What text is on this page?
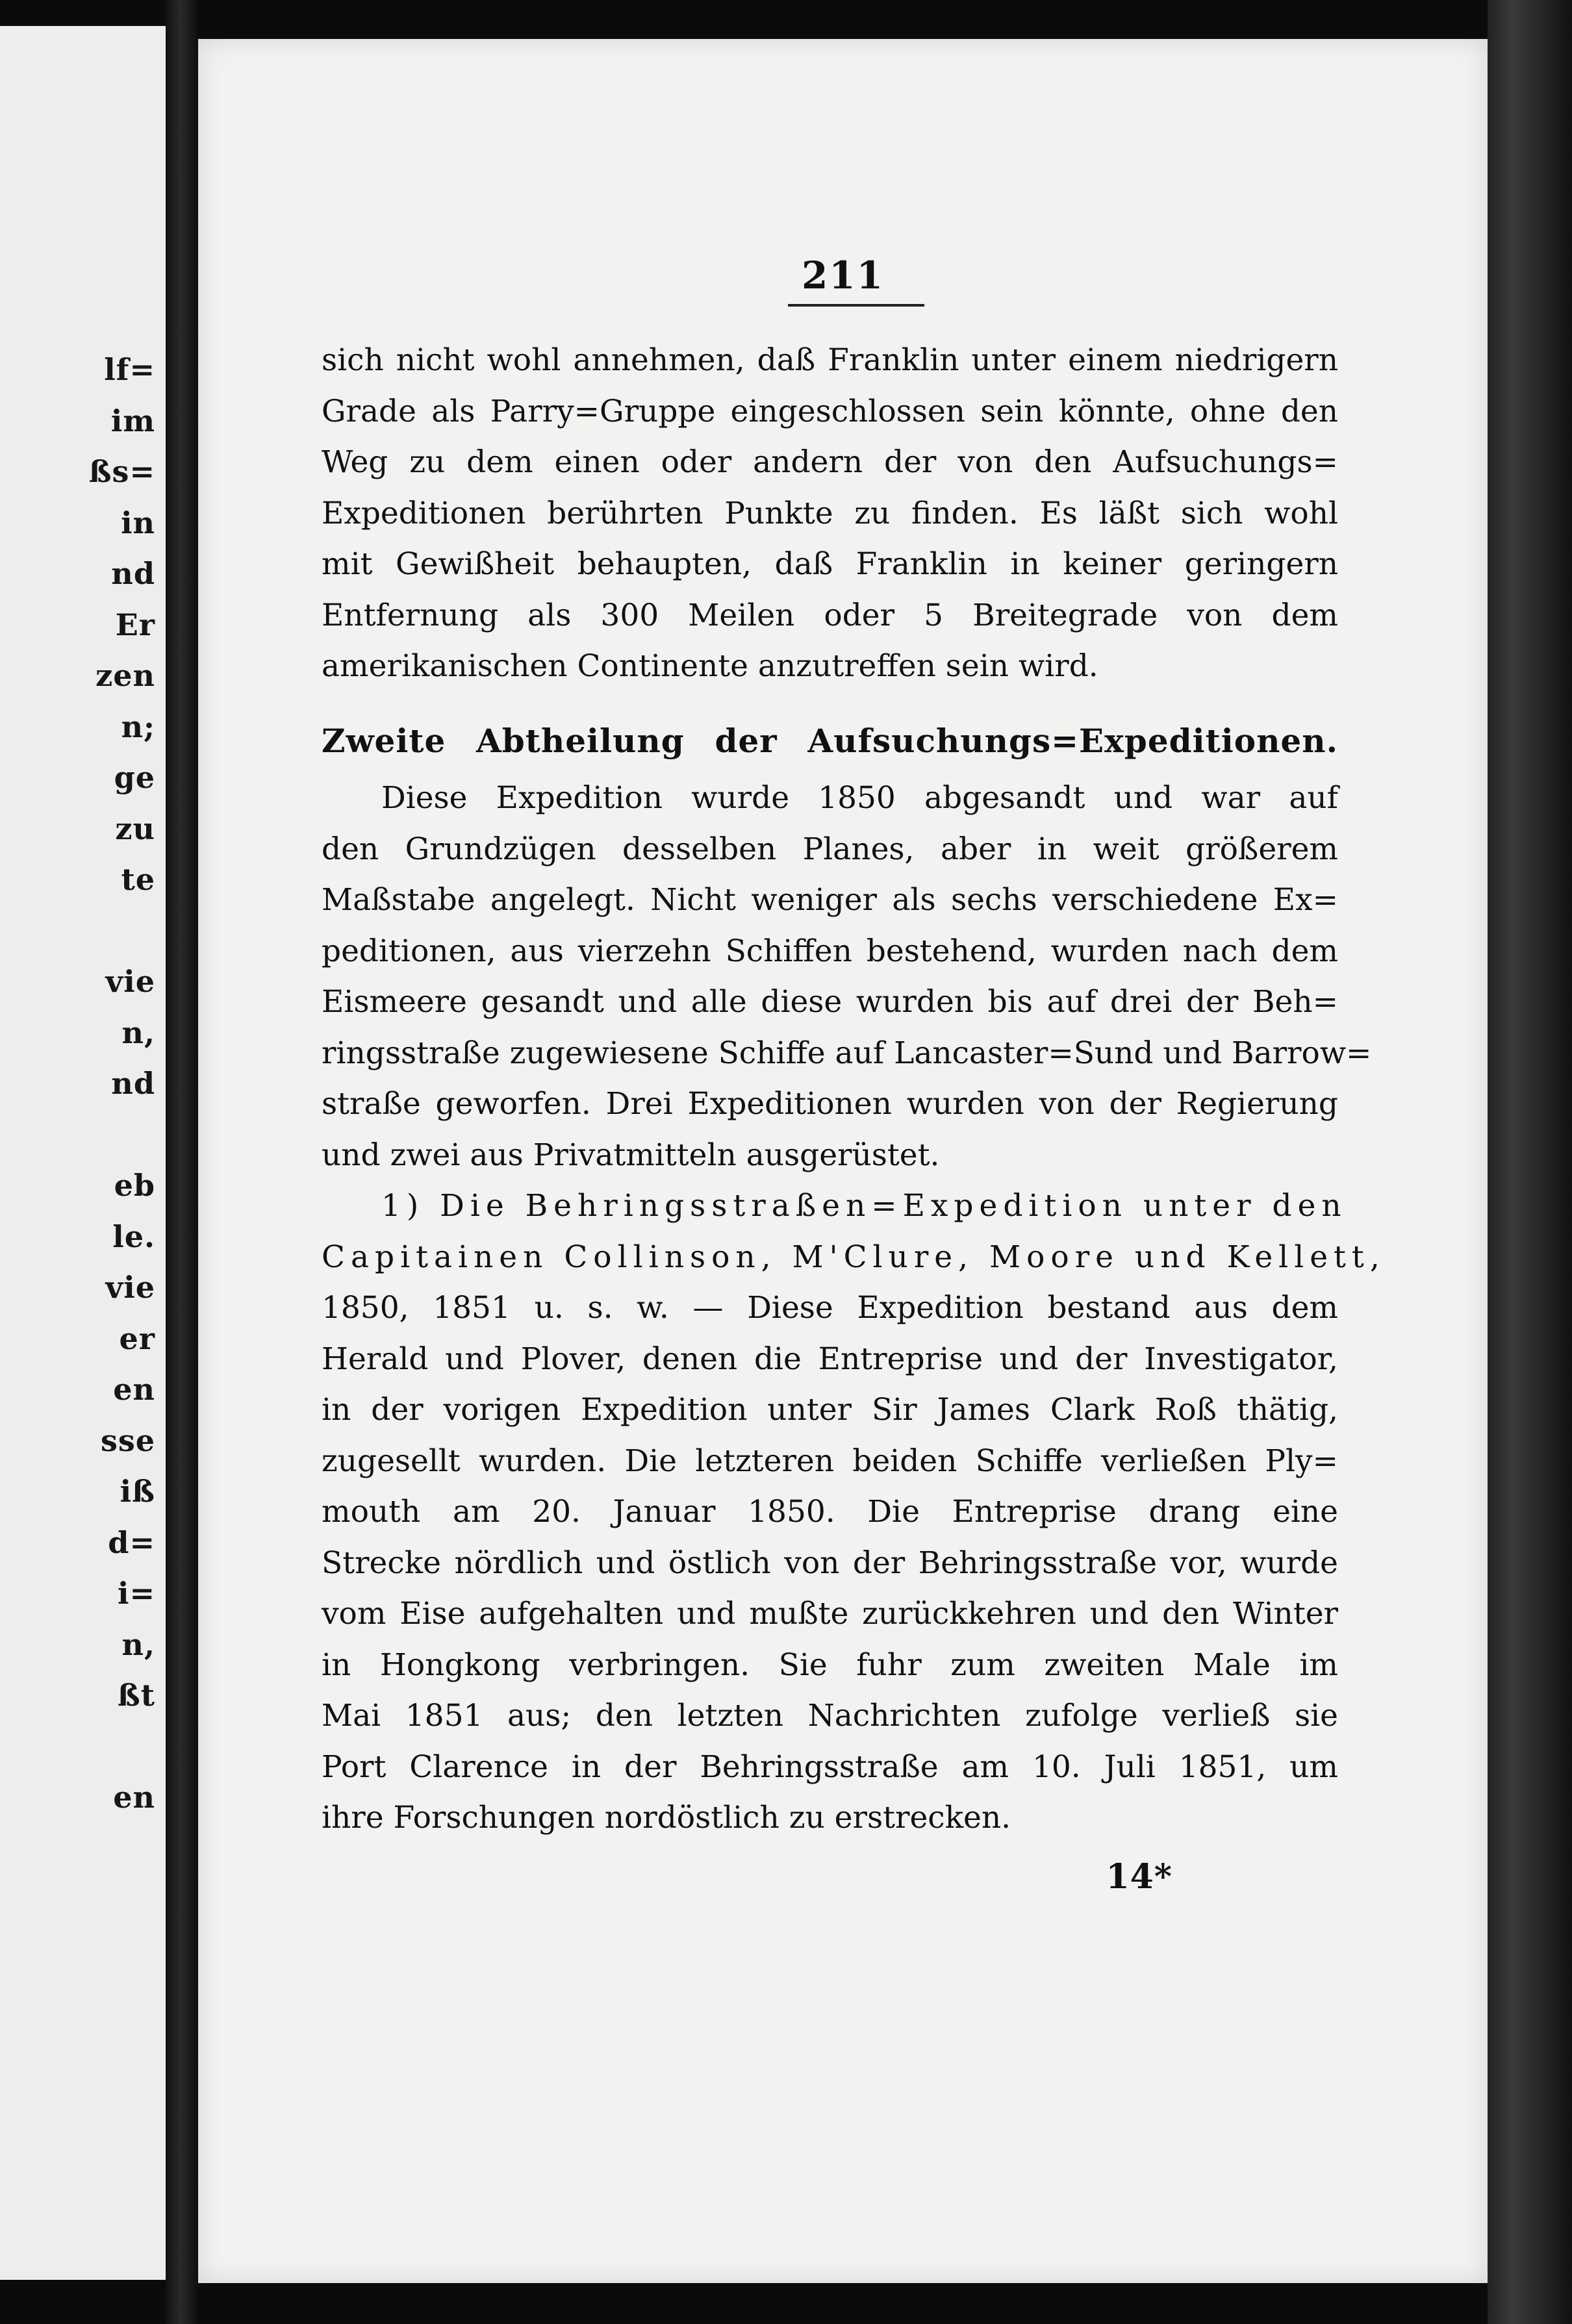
lf=
im
ßs=
in
nd
Er
zen
n;
ge
zu
te
vie
n,
nd
eb
le.
vie
er
en
sse
iß
d=
i=
n,
ßt
en
211
sich nicht wohl annehmen, daß Franklin unter einem niedrigern
Grade als Parry=Gruppe eingeschlossen sein könnte, ohne den
Weg zu dem einen oder andern der von den Aufsuchungs=
Expeditionen berührten Punkte zu finden. Es läßt sich wohl
mit Gewißheit behaupten, daß Franklin in keiner geringern
Entfernung als 300 Meilen oder 5 Breitegrade von dem
amerikanischen Continente anzutreffen sein wird.
Zweite Abtheilung der Aufsuchungs=Expeditionen.
Diese Expedition wurde 1850 abgesandt und war auf
den Grundzügen desselben Planes, aber in weit größerem
Maßstabe angelegt. Nicht weniger als sechs verschiedene Ex=
peditionen, aus vierzehn Schiffen bestehend, wurden nach dem
Eismeere gesandt und alle diese wurden bis auf drei der Beh=
ringsstraße zugewiesene Schiffe auf Lancaster=Sund und Barrow=
straße geworfen. Drei Expeditionen wurden von der Regierung
und zwei aus Privatmitteln ausgerüstet.
1) Die Behringsstraßen=Expedition unter den
Capitainen Collinson, M'Clure, Moore und Kellett,
1850, 1851 u. s. w. — Diese Expedition bestand aus dem
Herald und Plover, denen die Entreprise und der Investigator,
in der vorigen Expedition unter Sir James Clark Roß thätig,
zugesellt wurden. Die letzteren beiden Schiffe verließen Ply=
mouth am 20. Januar 1850. Die Entreprise drang eine
Strecke nördlich und östlich von der Behringsstraße vor, wurde
vom Eise aufgehalten und mußte zurückkehren und den Winter
in Hongkong verbringen. Sie fuhr zum zweiten Male im
Mai 1851 aus; den letzten Nachrichten zufolge verließ sie
Port Clarence in der Behringsstraße am 10. Juli 1851, um
ihre Forschungen nordöstlich zu erstrecken.
14*
